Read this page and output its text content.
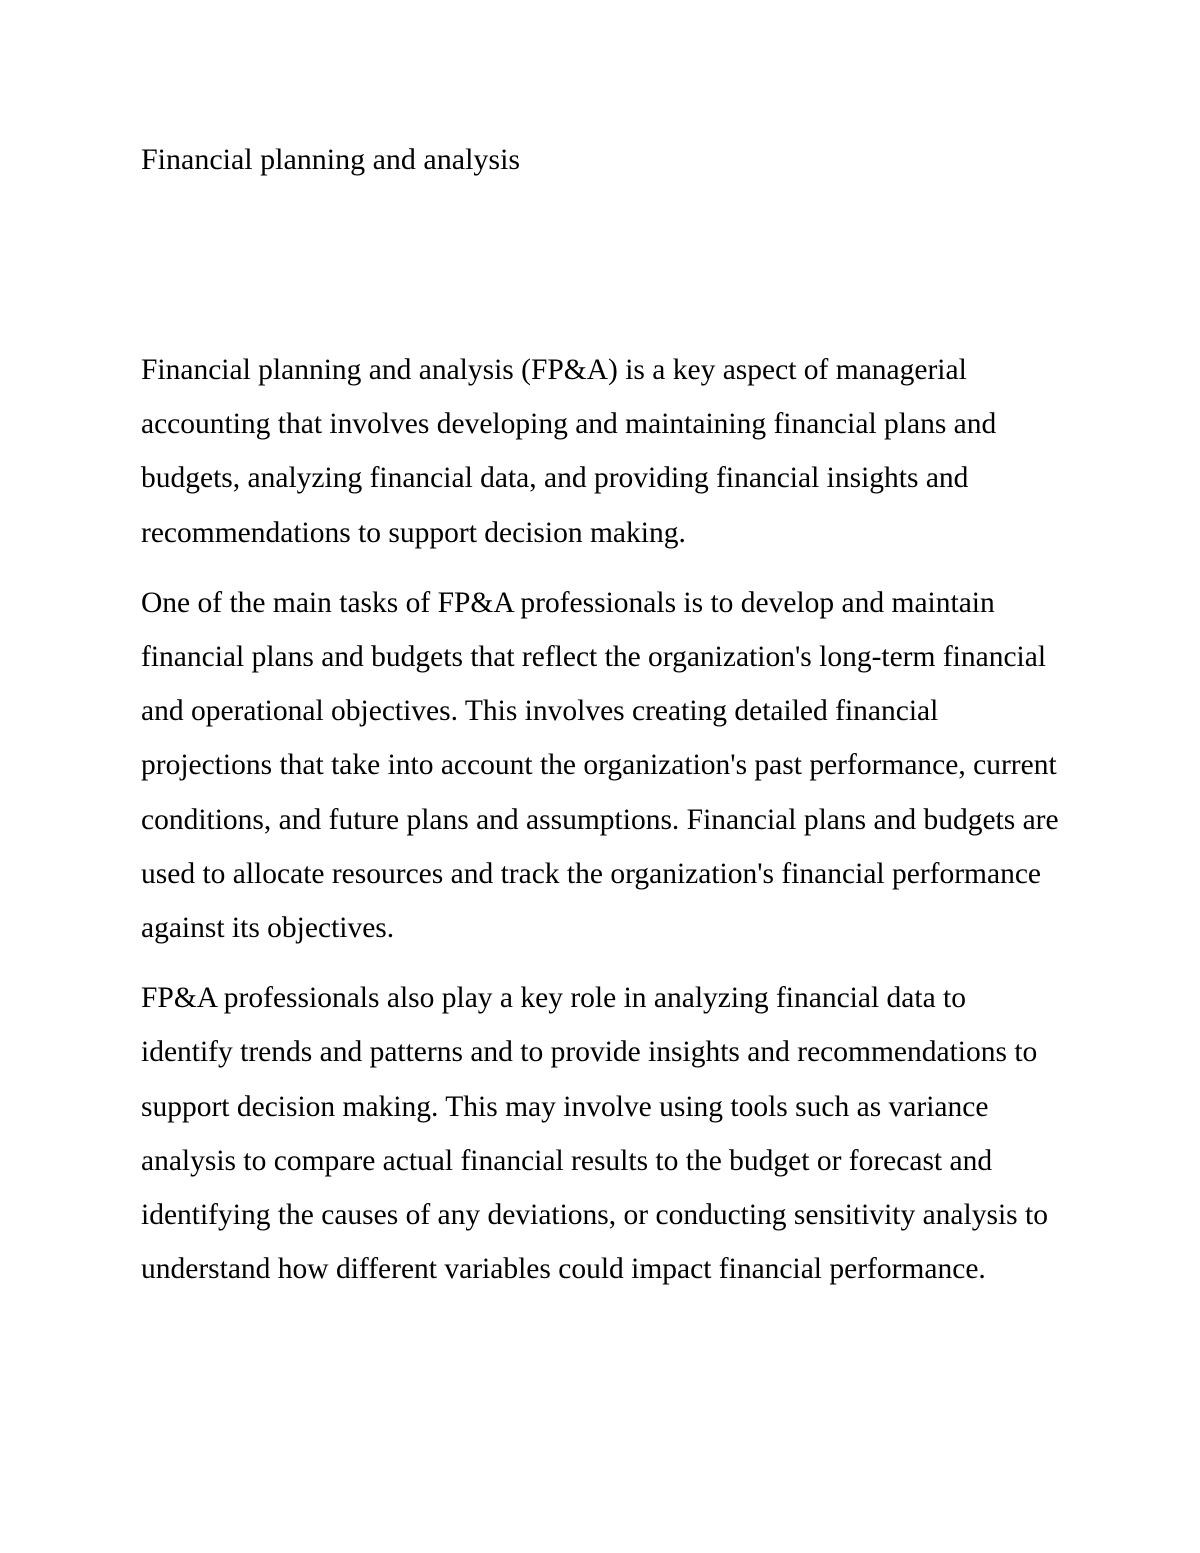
Financial planning and analysis

Financial planning and analysis (FP&A) is a key aspect of managerial accounting that involves developing and maintaining financial plans and budgets, analyzing financial data, and providing financial insights and recommendations to support decision making.

One of the main tasks of FP&A professionals is to develop and maintain financial plans and budgets that reflect the organization's long-term financial and operational objectives. This involves creating detailed financial projections that take into account the organization's past performance, current conditions, and future plans and assumptions. Financial plans and budgets are used to allocate resources and track the organization's financial performance against its objectives.

FP&A professionals also play a key role in analyzing financial data to identify trends and patterns and to provide insights and recommendations to support decision making. This may involve using tools such as variance analysis to compare actual financial results to the budget or forecast and identifying the causes of any deviations, or conducting sensitivity analysis to understand how different variables could impact financial performance.
